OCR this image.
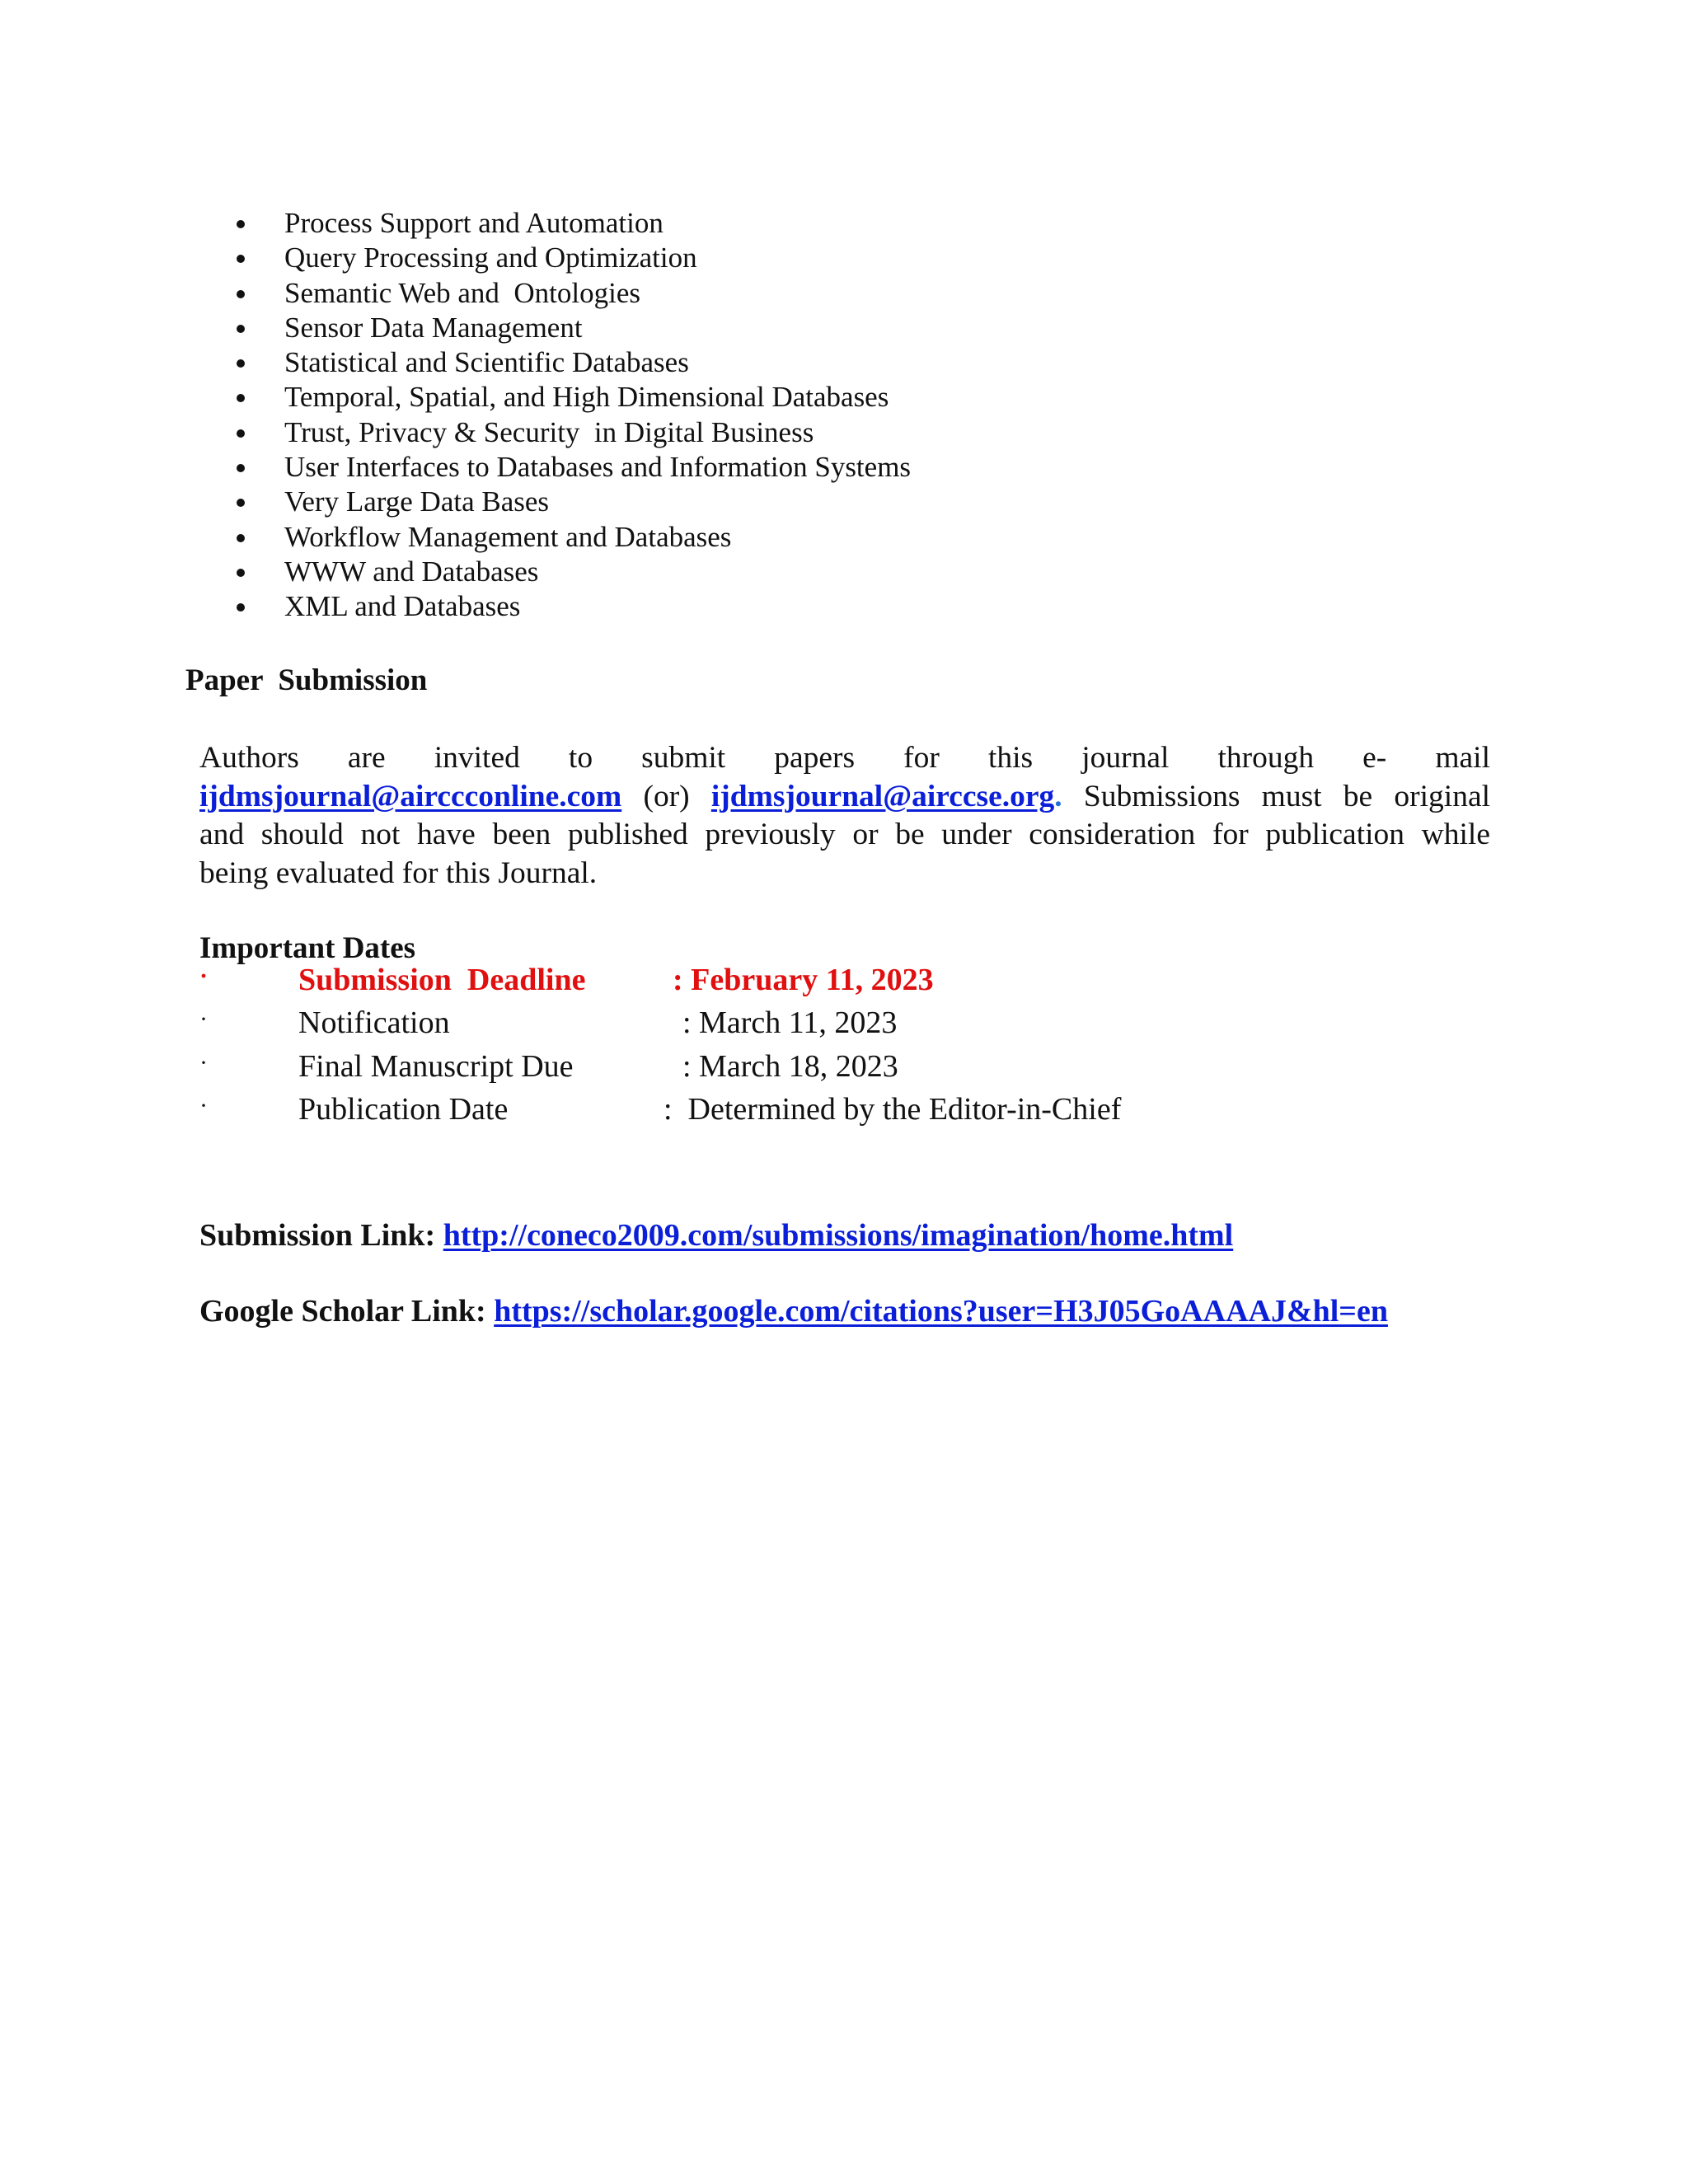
Process Support and Automation
Query Processing and Optimization
Semantic Web and  Ontologies
Sensor Data Management
Statistical and Scientific Databases
Temporal, Spatial, and High Dimensional Databases
Trust, Privacy & Security  in Digital Business
User Interfaces to Databases and Information Systems
Very Large Data Bases
Workflow Management and Databases
WWW and Databases
XML and Databases
Paper  Submission
Authors are invited to submit papers for this journal through e- mail
ijdmsjournal@airccconline.com (or) ijdmsjournal@airccse.org. Submissions must be original
and should not have been published previously or be under consideration for publication while
being evaluated for this Journal.
Important Dates
·	Submission  Deadline	: February 11, 2023
·	Notification	: March 11, 2023
·	Final Manuscript Due	: March 18, 2023
·	Publication Date	:  Determined by the Editor-in-Chief
Submission Link: http://coneco2009.com/submissions/imagination/home.html
Google Scholar Link: https://scholar.google.com/citations?user=H3J05GoAAAAJ&hl=en
